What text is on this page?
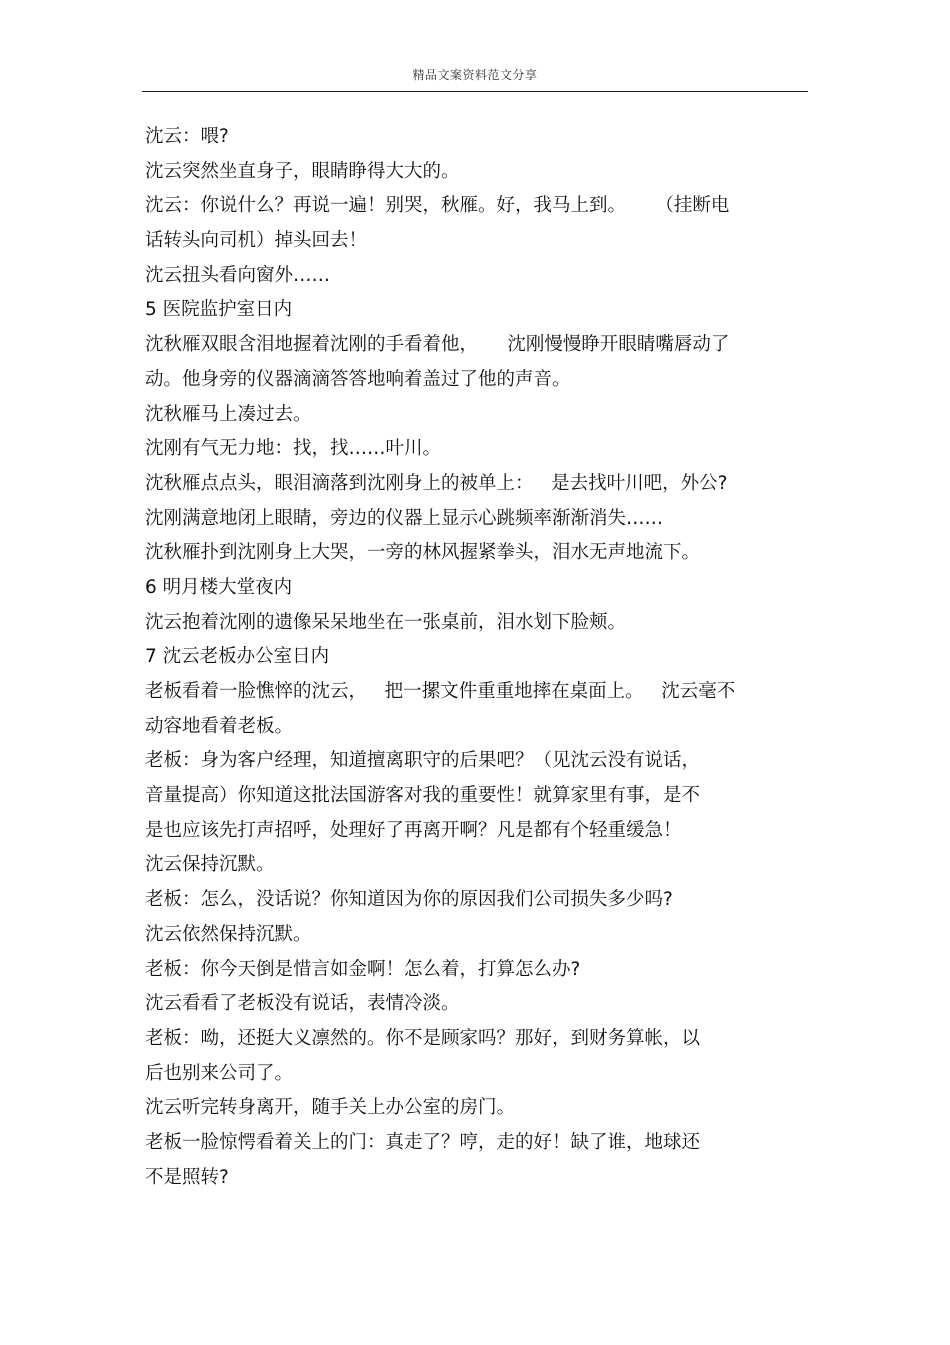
精品文案资料范文分享
沈云：喂?
沈云突然坐直身子，眼睛睁得大大的。
沈云：你说什么？再说一遍！别哭，秋雁。好，我马上到。     （挂断电
话转头向司机）掉头回去！
沈云扭头看向窗外……
5 医院监护室日内
沈秋雁双眼含泪地握着沈刚的手看着他，     沈刚慢慢睁开眼睛嘴唇动了
动。他身旁的仪器滴滴答答地响着盖过了他的声音。
沈秋雁马上凑过去。
沈刚有气无力地：找，找……叶川。
沈秋雁点点头，眼泪滴落到沈刚身上的被单上：   是去找叶川吧，外公?
沈刚满意地闭上眼睛，旁边的仪器上显示心跳频率渐渐消失……
沈秋雁扑到沈刚身上大哭，一旁的林风握紧拳头，泪水无声地流下。
6 明月楼大堂夜内
沈云抱着沈刚的遗像呆呆地坐在一张桌前，泪水划下脸颊。
7 沈云老板办公室日内
老板看着一脸憔悴的沈云，   把一摞文件重重地摔在桌面上。   沈云毫不
动容地看着老板。
老板：身为客户经理，知道擅离职守的后果吧？（见沈云没有说话，
音量提高）你知道这批法国游客对我的重要性！就算家里有事，是不
是也应该先打声招呼，处理好了再离开啊？凡是都有个轻重缓急！
沈云保持沉默。
老板：怎么，没话说？你知道因为你的原因我们公司损失多少吗?
沈云依然保持沉默。
老板：你今天倒是惜言如金啊！怎么着，打算怎么办?
沈云看看了老板没有说话，表情冷淡。
老板：呦，还挺大义凛然的。你不是顾家吗？那好，到财务算帐，以
后也别来公司了。
沈云听完转身离开，随手关上办公室的房门。
老板一脸惊愕看着关上的门：真走了？哼，走的好！缺了谁，地球还
不是照转?
